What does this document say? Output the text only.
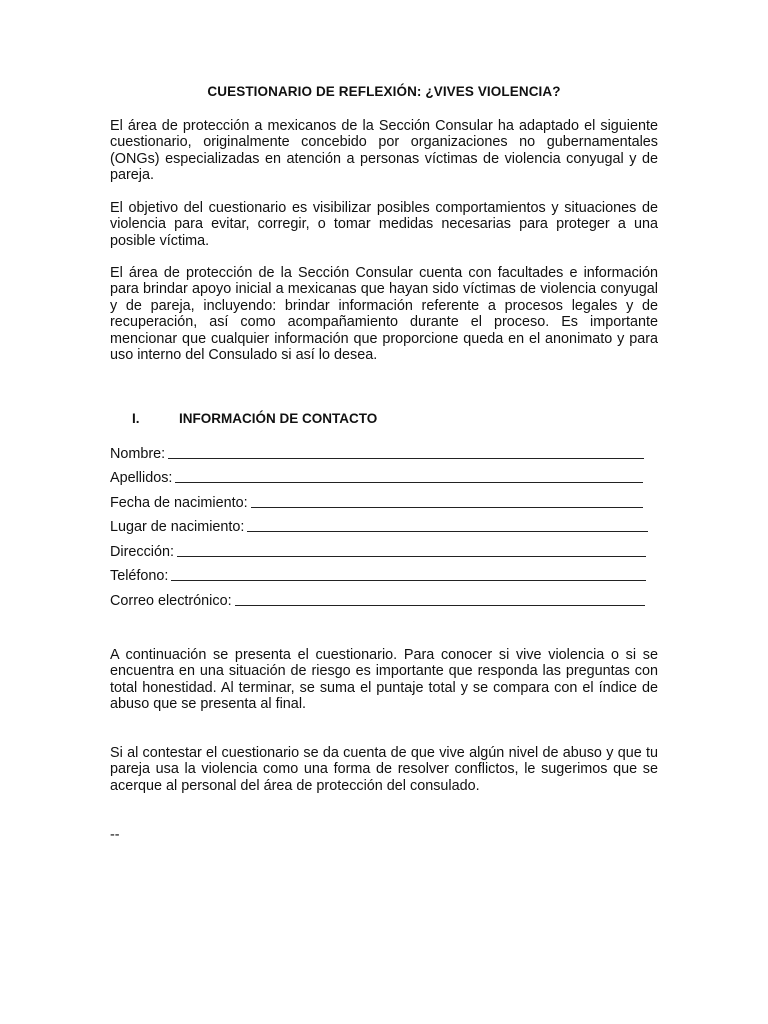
CUESTIONARIO DE REFLEXIÓN: ¿VIVES VIOLENCIA?

El área de protección a mexicanos de la Sección Consular ha adaptado el siguiente cuestionario, originalmente concebido por organizaciones no gubernamentales (ONGs) especializadas en atención a personas víctimas de violencia conyugal y de pareja.

El objetivo del cuestionario es visibilizar posibles comportamientos y situaciones de violencia para evitar, corregir, o tomar medidas necesarias para proteger a una posible víctima.

El área de protección de la Sección Consular cuenta con facultades e información para brindar apoyo inicial a mexicanas que hayan sido víctimas de violencia conyugal y de pareja, incluyendo: brindar información referente a procesos legales y de recuperación, así como acompañamiento durante el proceso. Es importante mencionar que cualquier información que proporcione queda en el anonimato y para uso interno del Consulado si así lo desea.

I.	INFORMACIÓN DE CONTACTO
Nombre:
Apellidos:
Fecha de nacimiento:
Lugar de nacimiento:
Dirección:
Teléfono:
Correo electrónico:

A continuación se presenta el cuestionario. Para conocer si vive violencia o si se encuentra en una situación de riesgo es importante que responda las preguntas con total honestidad. Al terminar, se suma el puntaje total y se compara con el índice de abuso que se presenta al final.

Si al contestar el cuestionario se da cuenta de que vive algún nivel de abuso y que tu pareja usa la violencia como una forma de resolver conflictos, le sugerimos que se acerque al personal del área de protección del consulado.

--
